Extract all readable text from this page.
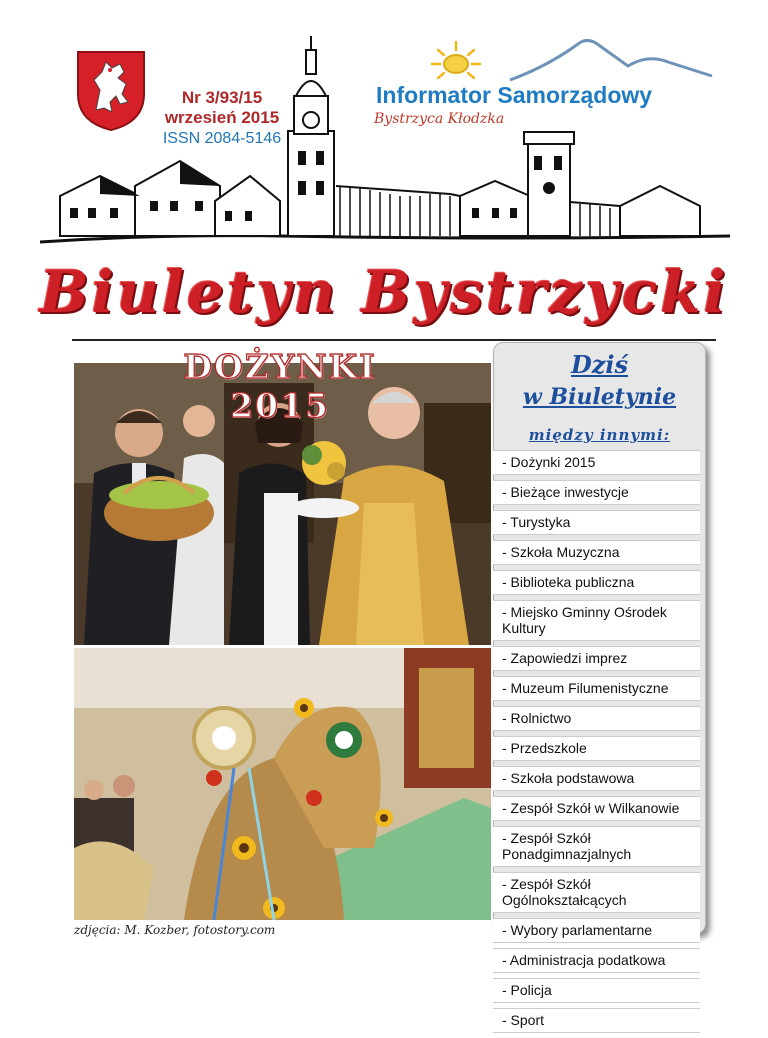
Nr 3/93/15
wrzesień 2015
ISSN 2084-5146
Informator Samorządowy
Bystrzyca Kłodzka
Biuletyn Bystrzycki
DOŻYNKI 2015
zdjęcia: M. Kozber, fotostory.com
Dziś
w Biuletynie
między innymi:
- Dożynki 2015
- Bieżące inwestycje
- Turystyka
- Szkoła Muzyczna
- Biblioteka publiczna
- Miejsko Gminny Ośrodek Kultury
- Zapowiedzi imprez
- Muzeum Filumenistyczne
- Rolnictwo
- Przedszkole
- Szkoła podstawowa
- Zespół Szkół w Wilkanowie
- Zespół Szkół Ponadgimnazjalnych
- Zespół Szkół Ogólnokształcących
- Wybory parlamentarne
- Administracja podatkowa
- Policja
- Sport
